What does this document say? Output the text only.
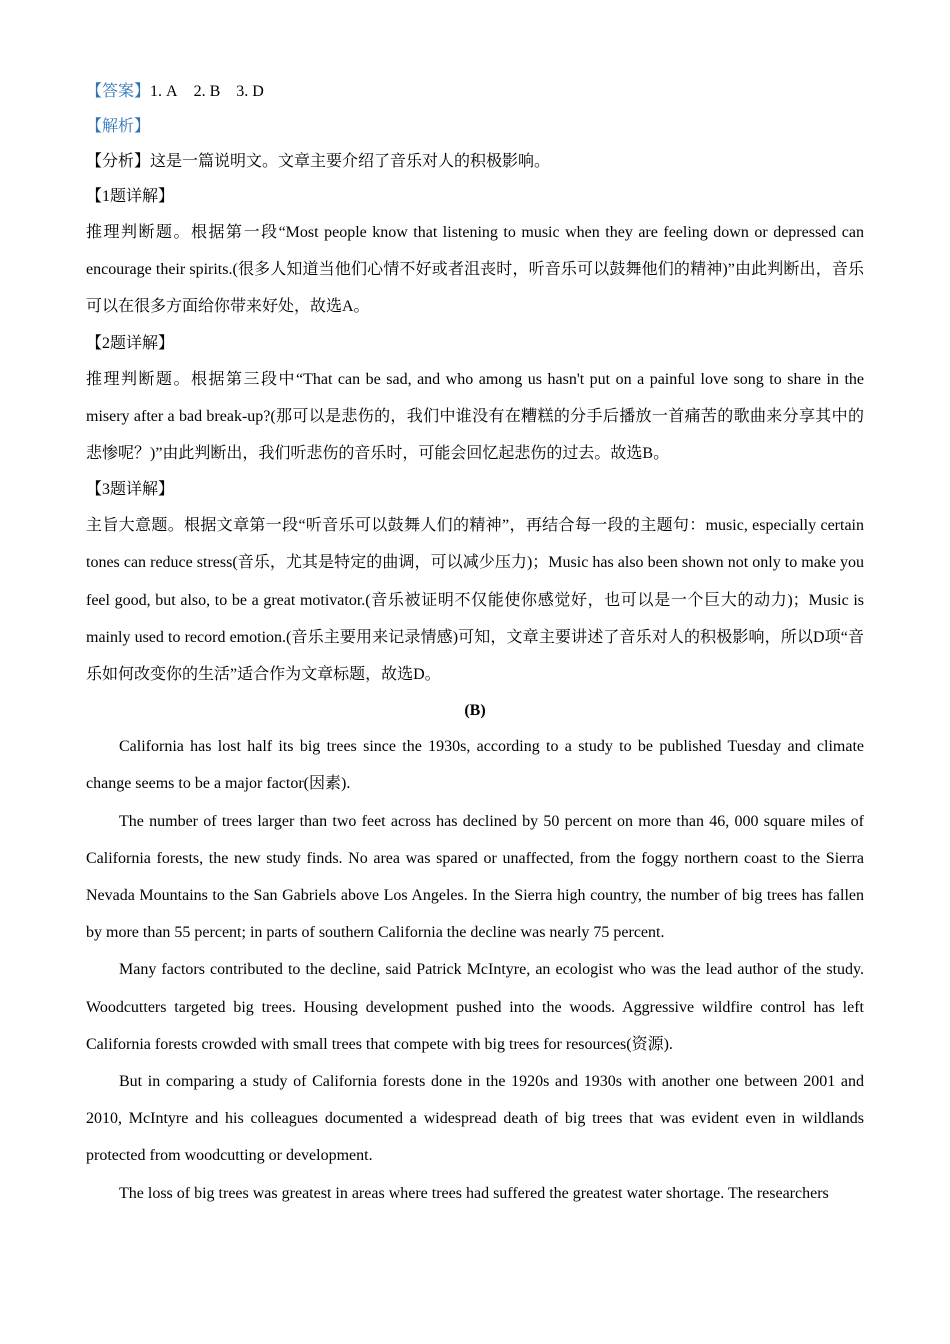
【答案】1. A 2. B 3. D

【解析】

【分析】这是一篇说明文。文章主要介绍了音乐对人的积极影响。

【1题详解】

推理判断题。根据第一段“Most people know that listening to music when they are feeling down or depressed can encourage their spirits.(很多人知道当他们心情不好或者沮丧时，听音乐可以鼓舞他们的精神)”由此判断出，音乐可以在很多方面给你带来好处，故选A。

【2题详解】

推理判断题。根据第三段中“That can be sad, and who among us hasn't put on a painful love song to share in the misery after a bad break-up?(那可以是悲伤的，我们中谁没有在糟糕的分手后播放一首痛苦的歌曲来分享其中的悲惨呢？)”由此判断出，我们听悲伤的音乐时，可能会回忆起悲伤的过去。故选B。

【3题详解】

主旨大意题。根据文章第一段“听音乐可以鼓舞人们的精神”，再结合每一段的主题句：music, especially certain tones can reduce stress(音乐，尤其是特定的曲调，可以减少压力)；Music has also been shown not only to make you feel good, but also, to be a great motivator.(音乐被证明不仅能使你感觉好，也可以是一个巨大的动力)；Music is mainly used to record emotion.(音乐主要用来记录情感)可知，文章主要讲述了音乐对人的积极影响，所以D项“音乐如何改变你的生活”适合作为文章标题，故选D。

(B)

California has lost half its big trees since the 1930s, according to a study to be published Tuesday and climate change seems to be a major factor(因素).

The number of trees larger than two feet across has declined by 50 percent on more than 46, 000 square miles of California forests, the new study finds. No area was spared or unaffected, from the foggy northern coast to the Sierra Nevada Mountains to the San Gabriels above Los Angeles. In the Sierra high country, the number of big trees has fallen by more than 55 percent; in parts of southern California the decline was nearly 75 percent.

Many factors contributed to the decline, said Patrick McIntyre, an ecologist who was the lead author of the study. Woodcutters targeted big trees. Housing development pushed into the woods. Aggressive wildfire control has left California forests crowded with small trees that compete with big trees for resources(资源).

But in comparing a study of California forests done in the 1920s and 1930s with another one between 2001 and 2010, McIntyre and his colleagues documented a widespread death of big trees that was evident even in wildlands protected from woodcutting or development.

The loss of big trees was greatest in areas where trees had suffered the greatest water shortage. The researchers
